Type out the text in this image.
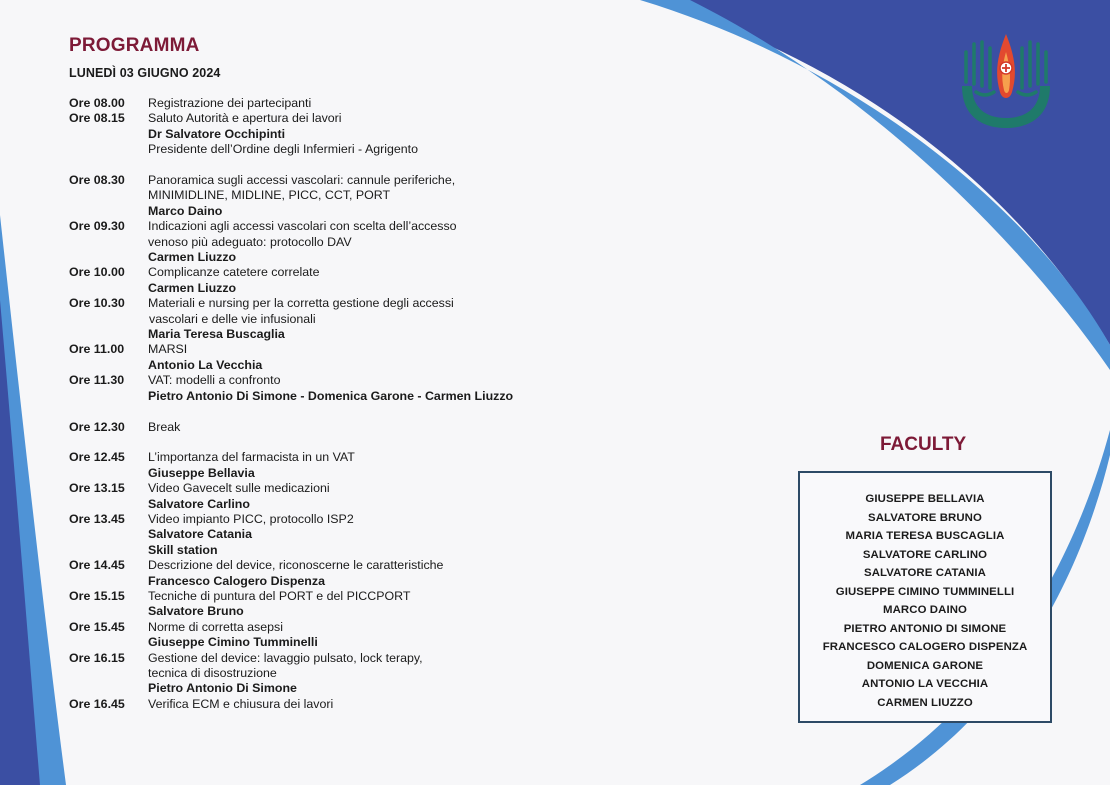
PROGRAMMA
LUNEDÌ 03 GIUGNO 2024
Ore 08.00	Registrazione dei partecipanti
Ore 08.15	Saluto Autorità e apertura dei lavori
Dr Salvatore Occhipinti
Presidente dell’Ordine degli Infermieri - Agrigento
Ore 08.30	Panoramica sugli accessi vascolari: cannule periferiche,
MINIMIDLINE, MIDLINE, PICC, CCT, PORT
Marco Daino
Ore 09.30	Indicazioni agli accessi vascolari con scelta dell’accesso
venoso più adeguato: protocollo DAV
Carmen Liuzzo
Ore 10.00	Complicanze catetere correlate
Carmen Liuzzo
Ore 10.30	Materiali e nursing per la corretta gestione degli accessi
vascolari e delle vie infusionali
Maria Teresa Buscaglia
Ore 11.00	MARSI
Antonio La Vecchia
Ore 11.30	VAT: modelli a confronto
Pietro Antonio Di Simone - Domenica Garone - Carmen Liuzzo
Ore 12.30	Break
Ore 12.45	L’importanza del farmacista in un VAT
Giuseppe Bellavia
Ore 13.15	Video Gavecelt sulle medicazioni
Salvatore Carlino
Ore 13.45	Video impianto PICC, protocollo ISP2
Salvatore Catania
Skill station
Ore 14.45	Descrizione del device, riconoscerne le caratteristiche
Francesco Calogero Dispenza
Ore 15.15	Tecniche di puntura del PORT e del PICCPORT
Salvatore Bruno
Ore 15.45	Norme di corretta asepsi
Giuseppe Cimino Tumminelli
Ore 16.15	Gestione del device: lavaggio pulsato, lock terapy,
tecnica di disostruzione
Pietro Antonio Di Simone
Ore 16.45	Verifica ECM e chiusura dei lavori
FACULTY
GIUSEPPE BELLAVIA
SALVATORE BRUNO
MARIA TERESA BUSCAGLIA
SALVATORE CARLINO
SALVATORE CATANIA
GIUSEPPE CIMINO TUMMINELLI
MARCO DAINO
PIETRO ANTONIO DI SIMONE
FRANCESCO CALOGERO DISPENZA
DOMENICA GARONE
ANTONIO LA VECCHIA
CARMEN LIUZZO
